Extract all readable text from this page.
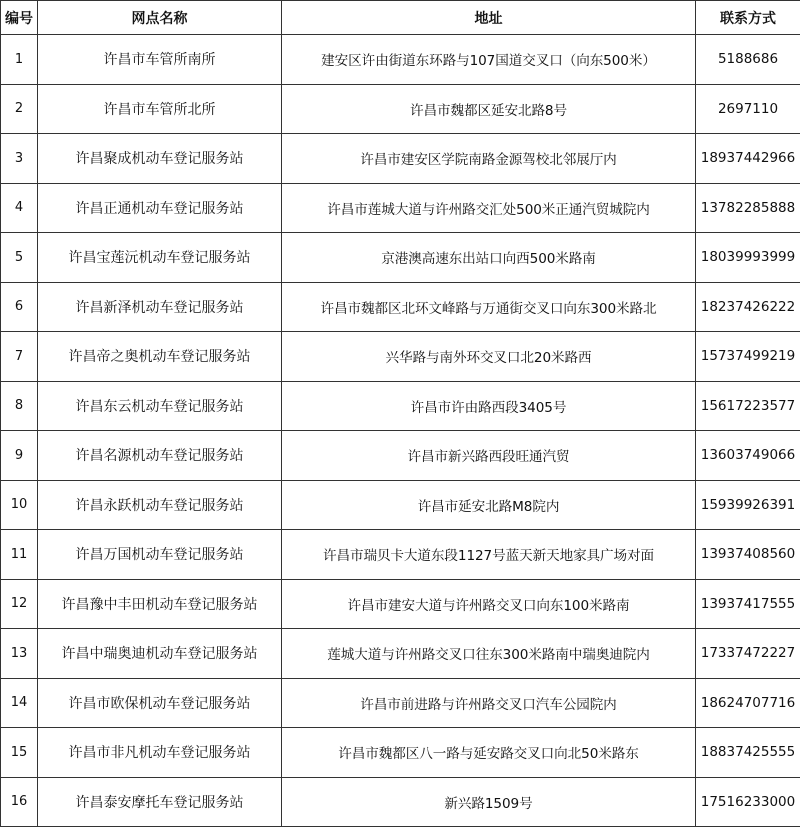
编号	网点名称	地址	联系方式
1	许昌市车管所南所	建安区许由街道东环路与107国道交叉口（向东500米）	5188686
2	许昌市车管所北所	许昌市魏都区延安北路8号	2697110
3	许昌聚成机动车登记服务站	许昌市建安区学院南路金源驾校北邻展厅内	18937442966
4	许昌正通机动车登记服务站	许昌市莲城大道与许州路交汇处500米正通汽贸城院内	13782285888
5	许昌宝莲沅机动车登记服务站	京港澳高速东出站口向西500米路南	18039993999
6	许昌新泽机动车登记服务站	许昌市魏都区北环文峰路与万通街交叉口向东300米路北	18237426222
7	许昌帝之奥机动车登记服务站	兴华路与南外环交叉口北20米路西	15737499219
8	许昌东云机动车登记服务站	许昌市许由路西段3405号	15617223577
9	许昌名源机动车登记服务站	许昌市新兴路西段旺通汽贸	13603749066
10	许昌永跃机动车登记服务站	许昌市延安北路M8院内	15939926391
11	许昌万国机动车登记服务站	许昌市瑞贝卡大道东段1127号蓝天新天地家具广场对面	13937408560
12	许昌豫中丰田机动车登记服务站	许昌市建安大道与许州路交叉口向东100米路南	13937417555
13	许昌中瑞奥迪机动车登记服务站	莲城大道与许州路交叉口往东300米路南中瑞奥迪院内	17337472227
14	许昌市欧保机动车登记服务站	许昌市前进路与许州路交叉口汽车公园院内	18624707716
15	许昌市非凡机动车登记服务站	许昌市魏都区八一路与延安路交叉口向北50米路东	18837425555
16	许昌泰安摩托车登记服务站	新兴路1509号	17516233000
